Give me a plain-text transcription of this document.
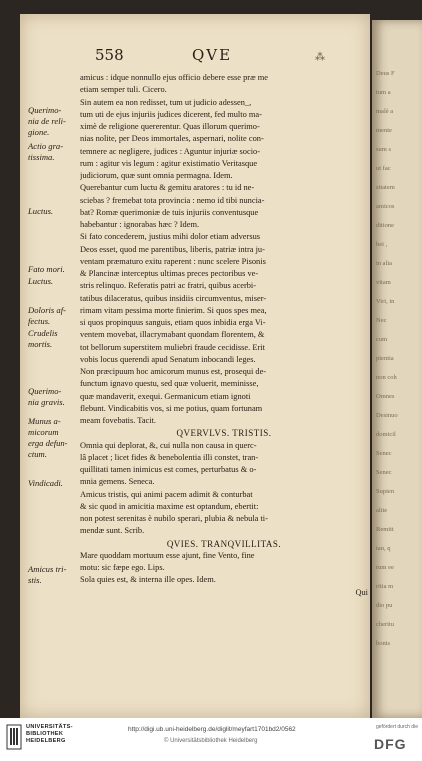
558	QVE	⁂
Querimo-
nia de reli-
gione.
Actio gra-
tissima.
Luctus.
Fato mori.
Luctus.
Doloris af-
fectus.
Crudelis
mortis.
Querimo-
nia gravis.
Munus a-
micorum
erga defun-
ctum.
Vindicadi.
Amicus tri-
stis.
amicus : idque nonnullo ejus officio debere esse præ me
etiam semper tuli. Cicero.
Sin autem ea non redisset, tum ut judicio adessen_,
tum uti de ejus injuriis judices dicerent, fed multo ma-
ximè de religione quererentur. Quas illorum querimo-
nias nolite, per Deos immortales, aspernari, nolite con-
temnere ac negligere, judices : Aguntur injuriæ socio-
rum : agitur vis legum : agitur existimatio Veritasque
judiciorum, quæ sunt omnia permagna. Idem.
Querebantur cum luctu & gemitu aratores : tu id ne-
sciebas ? fremebat tota provincia : nemo id tibi nuncia-
bat? Romæ querimoniæ de tuis injuriis conventusque
habebantur : ignorabas hæc ? Idem.
Si fato concederem, justius mihi dolor etiam adversus
Deos esset, quod me parentibus, liberis, patriæ intra ju-
ventam præmaturo exitu raperent : nunc scelere Pisonis
& Plancinæ interceptus ultimas preces pectoribus ve-
stris relinquo. Referatis patri ac fratri, quibus acerbi-
tatibus dilaceratus, quibus insidiis circumventus, miser-
rimam vitam pessima morte finierim. Si quos spes mea,
si quos propinquus sanguis, etiam quos inbidia erga Vi-
ventem movebat, illacrymabant quondam florentem, &
tot bellorum superstitem muliebri fraude cecidisse. Erit
vobis locus querendi apud Senatum inbocandi leges.
Non præcipuum hoc amicorum munus est, prosequi de-
functum ignavo questu, sed quæ voluerit, meminisse,
quæ mandaverit, exequi. Germanicum etiam ignoti
flebunt. Vindicabitis vos, si me potius, quam fortunam
meam fovebatis. Tacit.
QVERVLVS. TRISTIS.
Omnia qui deplorat, &, cui nulla non causa in querc-
lâ placet ; licet fides & benebolentia illi constet, tran-
quillitati tamen inimicus est comes, perturbatus & o-
mnia gemens. Seneca.
Amicus tristis, qui animi pacem adimit & conturbat
& sic quod in amicitia maxime est optandum, ebertit:
non potest serenitas è nubilo sperari, plubia & nebula ti-
mendæ sunt. Scrib.
QVIES. TRANQVILLITAS.
Mare quoddam mortuum esse ajunt, fine Vento, fine
motu: sic fæpe ego. Lips.
Sola quies est, & interna ille opes. Idem.
Qui
Deus F
tum a
malè a
mente
sum s
ut fac
sitatem
amicos
ditione
bei ,
in alia
vitam
Viri, in
Nec
cum
pientia
non coh
Omnes
Desinuo
domicil
Senec
Senec
Supien
alite
Remitt
tan, q
rum ee
ritia m
dio pu
cheritu
bonis
UNIVERSITÄTS-
BIBLIOTHEK
HEIDELBERG
http://digi.ub.uni-heidelberg.de/diglit/meyfart1701bd2/0562
© Universitätsbibliothek Heidelberg
gefördert durch die
DFG
